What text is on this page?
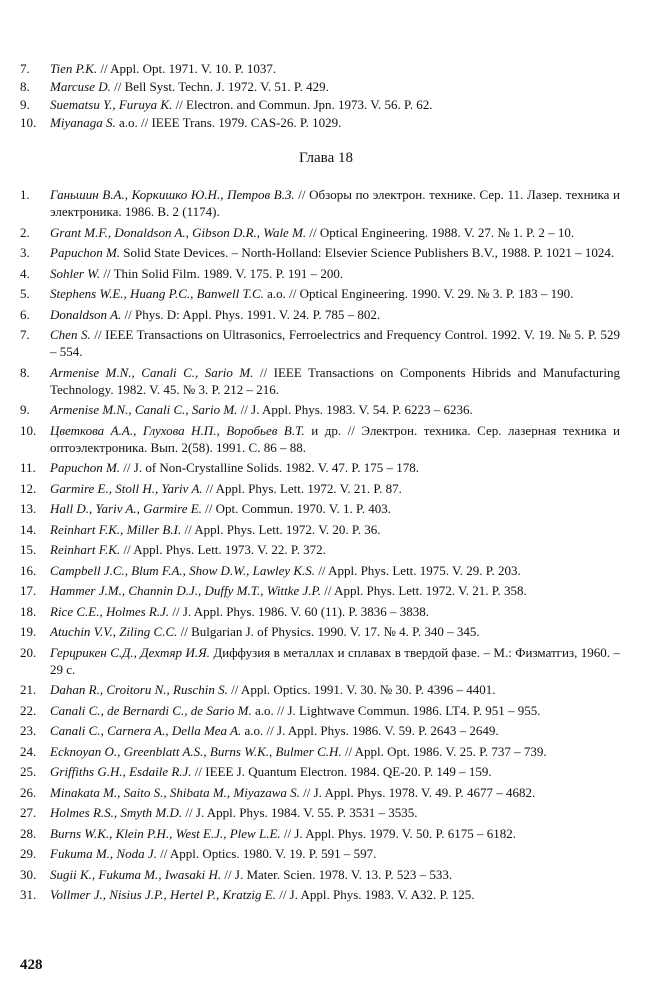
7. Tien P.K. // Appl. Opt. 1971. V. 10. P. 1037.
8. Marcuse D. // Bell Syst. Techn. J. 1972. V. 51. P. 429.
9. Suematsu Y., Furuya K. // Electron. and Commun. Jpn. 1973. V. 56. P. 62.
10. Miyanaga S. a.o. // IEEE Trans. 1979. CAS-26. P. 1029.
Глава 18
1. Ганьшин В.А., Коркишко Ю.Н., Петров В.З. // Обзоры по электрон. технике. Сер. 11. Лазер. техника и электроника. 1986. В. 2 (1174).
2. Grant M.F., Donaldson A., Gibson D.R., Wale M. // Optical Engineering. 1988. V. 27. № 1. P. 2 – 10.
3. Papuchon M. Solid State Devices. – North-Holland: Elsevier Science Publishers B.V., 1988. P. 1021 – 1024.
4. Sohler W. // Thin Solid Film. 1989. V. 175. P. 191 – 200.
5. Stephens W.E., Huang P.C., Banwell T.C. a.o. // Optical Engineering. 1990. V. 29. № 3. P. 183 – 190.
6. Donaldson A. // Phys. D: Appl. Phys. 1991. V. 24. P. 785 – 802.
7. Chen S. // IEEE Transactions on Ultrasonics, Ferroelectrics and Frequency Control. 1992. V. 19. № 5. P. 529 – 554.
8. Armenise M.N., Canali C., Sario M. // IEEE Transactions on Components Hibrids and Manufacturing Technology. 1982. V. 45. № 3. P. 212 – 216.
9. Armenise M.N., Canali C., Sario M. // J. Appl. Phys. 1983. V. 54. P. 6223 – 6236.
10. Цветкова А.А., Глухова Н.П., Воробьев В.Т. и др. // Электрон. техника. Сер. лазерная техника и оптоэлектроника. Вып. 2(58). 1991. С. 86 – 88.
11. Papuchon M. // J. of Non-Crystalline Solids. 1982. V. 47. P. 175 – 178.
12. Garmire E., Stoll H., Yariv A. // Appl. Phys. Lett. 1972. V. 21. P. 87.
13. Hall D., Yariv A., Garmire E. // Opt. Commun. 1970. V. 1. P. 403.
14. Reinhart F.K., Miller B.I. // Appl. Phys. Lett. 1972. V. 20. P. 36.
15. Reinhart F.K. // Appl. Phys. Lett. 1973. V. 22. P. 372.
16. Campbell J.C., Blum F.A., Show D.W., Lawley K.S. // Appl. Phys. Lett. 1975. V. 29. P. 203.
17. Hammer J.M., Channin D.J., Duffy M.T., Wittke J.P. // Appl. Phys. Lett. 1972. V. 21. P. 358.
18. Rice C.E., Holmes R.J. // J. Appl. Phys. 1986. V. 60 (11). P. 3836 – 3838.
19. Atuchin V.V., Ziling C.C. // Bulgarian J. of Physics. 1990. V. 17. № 4. P. 340 – 345.
20. Герцрикен С.Д., Дехтяр И.Я. Диффузия в металлах и сплавах в твердой фазе. – М.: Физматгиз, 1960. – 29 с.
21. Dahan R., Croitoru N., Ruschin S. // Appl. Optics. 1991. V. 30. № 30. P. 4396 – 4401.
22. Canali C., de Bernardi C., de Sario M. a.o. // J. Lightwave Commun. 1986. LT4. P. 951 – 955.
23. Canali C., Carnera A., Della Mea A. a.o. // J. Appl. Phys. 1986. V. 59. P. 2643 – 2649.
24. Ecknoyan O., Greenblatt A.S., Burns W.K., Bulmer C.H. // Appl. Opt. 1986. V. 25. P. 737 – 739.
25. Griffiths G.H., Esdaile R.J. // IEEE J. Quantum Electron. 1984. QE-20. P. 149 – 159.
26. Minakata M., Saito S., Shibata M., Miyazawa S. // J. Appl. Phys. 1978. V. 49. P. 4677 – 4682.
27. Holmes R.S., Smyth M.D. // J. Appl. Phys. 1984. V. 55. P. 3531 – 3535.
28. Burns W.K., Klein P.H., West E.J., Plew L.E. // J. Appl. Phys. 1979. V. 50. P. 6175 – 6182.
29. Fukuma M., Noda J. // Appl. Optics. 1980. V. 19. P. 591 – 597.
30. Sugii K., Fukuma M., Iwasaki H. // J. Mater. Scien. 1978. V. 13. P. 523 – 533.
31. Vollmer J., Nisius J.P., Hertel P., Kratzig E. // J. Appl. Phys. 1983. V. A32. P. 125.
428
